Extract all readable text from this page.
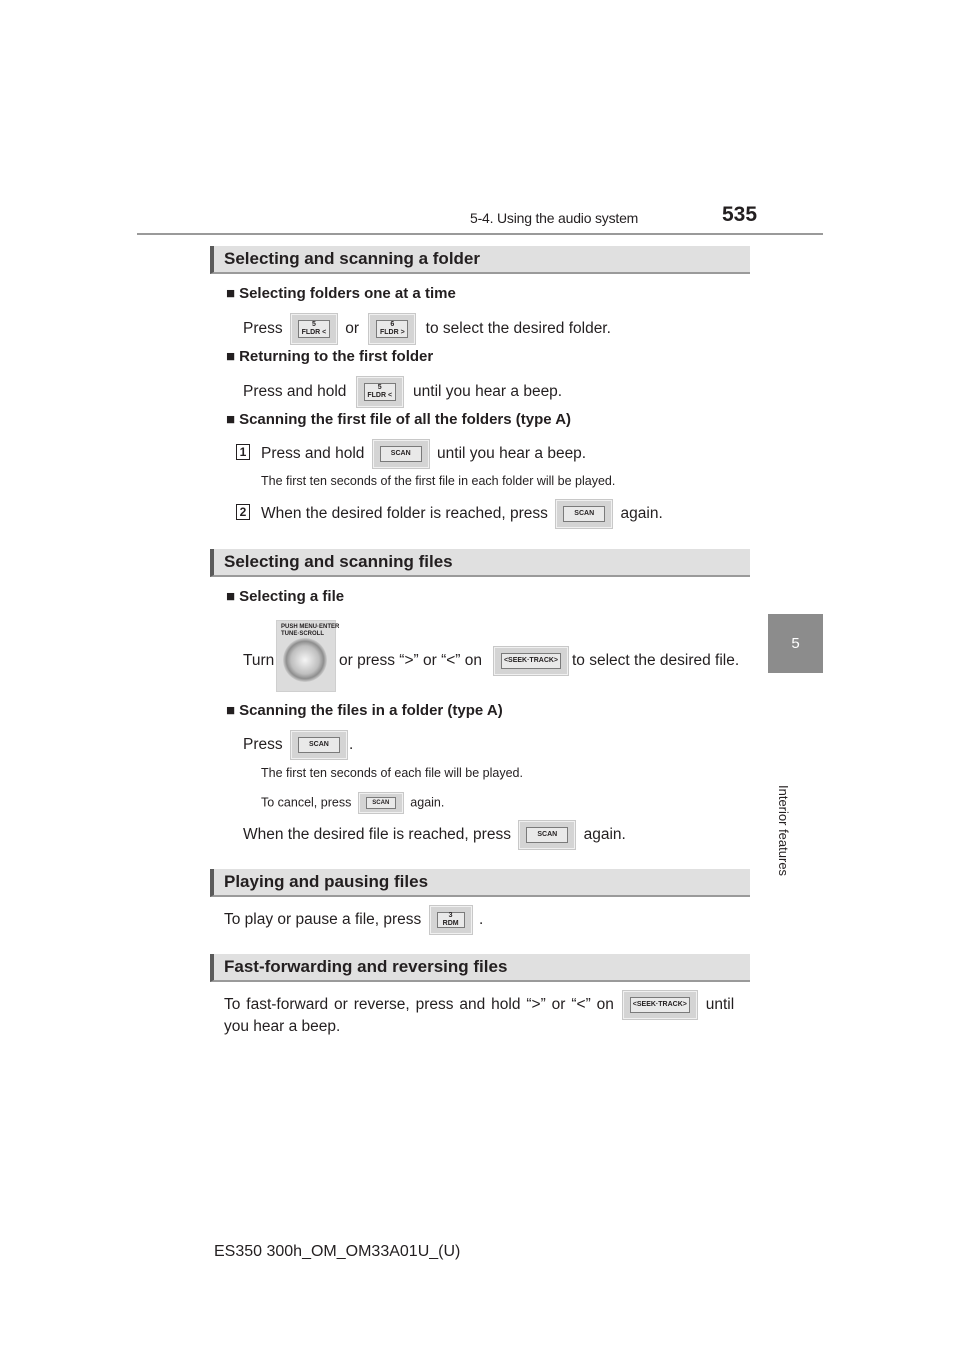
5-4. Using the audio system	535
5
Interior features
Selecting and scanning a folder
■ Selecting folders one at a time
Press	5
FLDR < or	6
FLDR > to select the desired folder.
■ Returning to the first folder
Press and hold	5
FLDR < until you hear a beep.
■ Scanning the first file of all the folders (type A)
1 Press and hold	SCAN	until you hear a beep.
The first ten seconds of the first file in each folder will be played.
2 When the desired folder is reached, press	SCAN	again.
Selecting and scanning files
■ Selecting a file
Turn
PUSH MENU·ENTER
TUNE·SCROLL
or press “>” or “<” on	<SEEK·TRACK> to select the desired file.
■ Scanning the files in a folder (type A)
Press	SCAN	.
The first ten seconds of each file will be played.
To cancel, press	SCAN	again.
When the desired file is reached, press	SCAN	again.
Playing and pausing files
To play or pause a file, press	3
RDM	.
Fast-forwarding and reversing files
To fast-forward or reverse, press and hold “>” or “<” on	<SEEK·TRACK> until
you hear a beep.
ES350 300h_OM_OM33A01U_(U)
